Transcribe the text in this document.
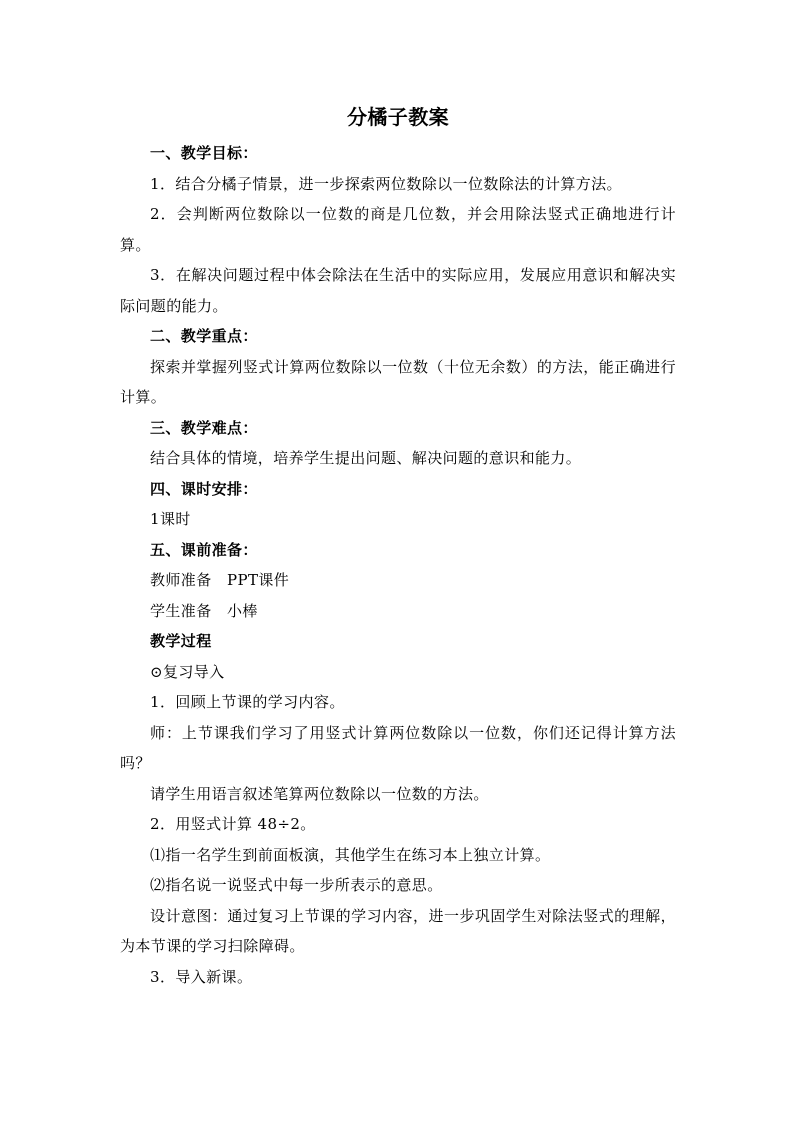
分橘子教案

一、教学目标：

1．结合分橘子情景，进一步探索两位数除以一位数除法的计算方法。

2．会判断两位数除以一位数的商是几位数，并会用除法竖式正确地进行计算。

3．在解决问题过程中体会除法在生活中的实际应用，发展应用意识和解决实际问题的能力。

二、教学重点：

探索并掌握列竖式计算两位数除以一位数（十位无余数）的方法，能正确进行计算。

三、教学难点：

结合具体的情境，培养学生提出问题、解决问题的意识和能力。

四、课时安排：

1课时

五、课前准备：

教师准备　PPT课件

学生准备　小棒

教学过程

⊙复习导入

1．回顾上节课的学习内容。

师：上节课我们学习了用竖式计算两位数除以一位数，你们还记得计算方法吗？

请学生用语言叙述笔算两位数除以一位数的方法。

2．用竖式计算 48÷2。

⑴指一名学生到前面板演，其他学生在练习本上独立计算。

⑵指名说一说竖式中每一步所表示的意思。

设计意图：通过复习上节课的学习内容，进一步巩固学生对除法竖式的理解，为本节课的学习扫除障碍。

3．导入新课。
